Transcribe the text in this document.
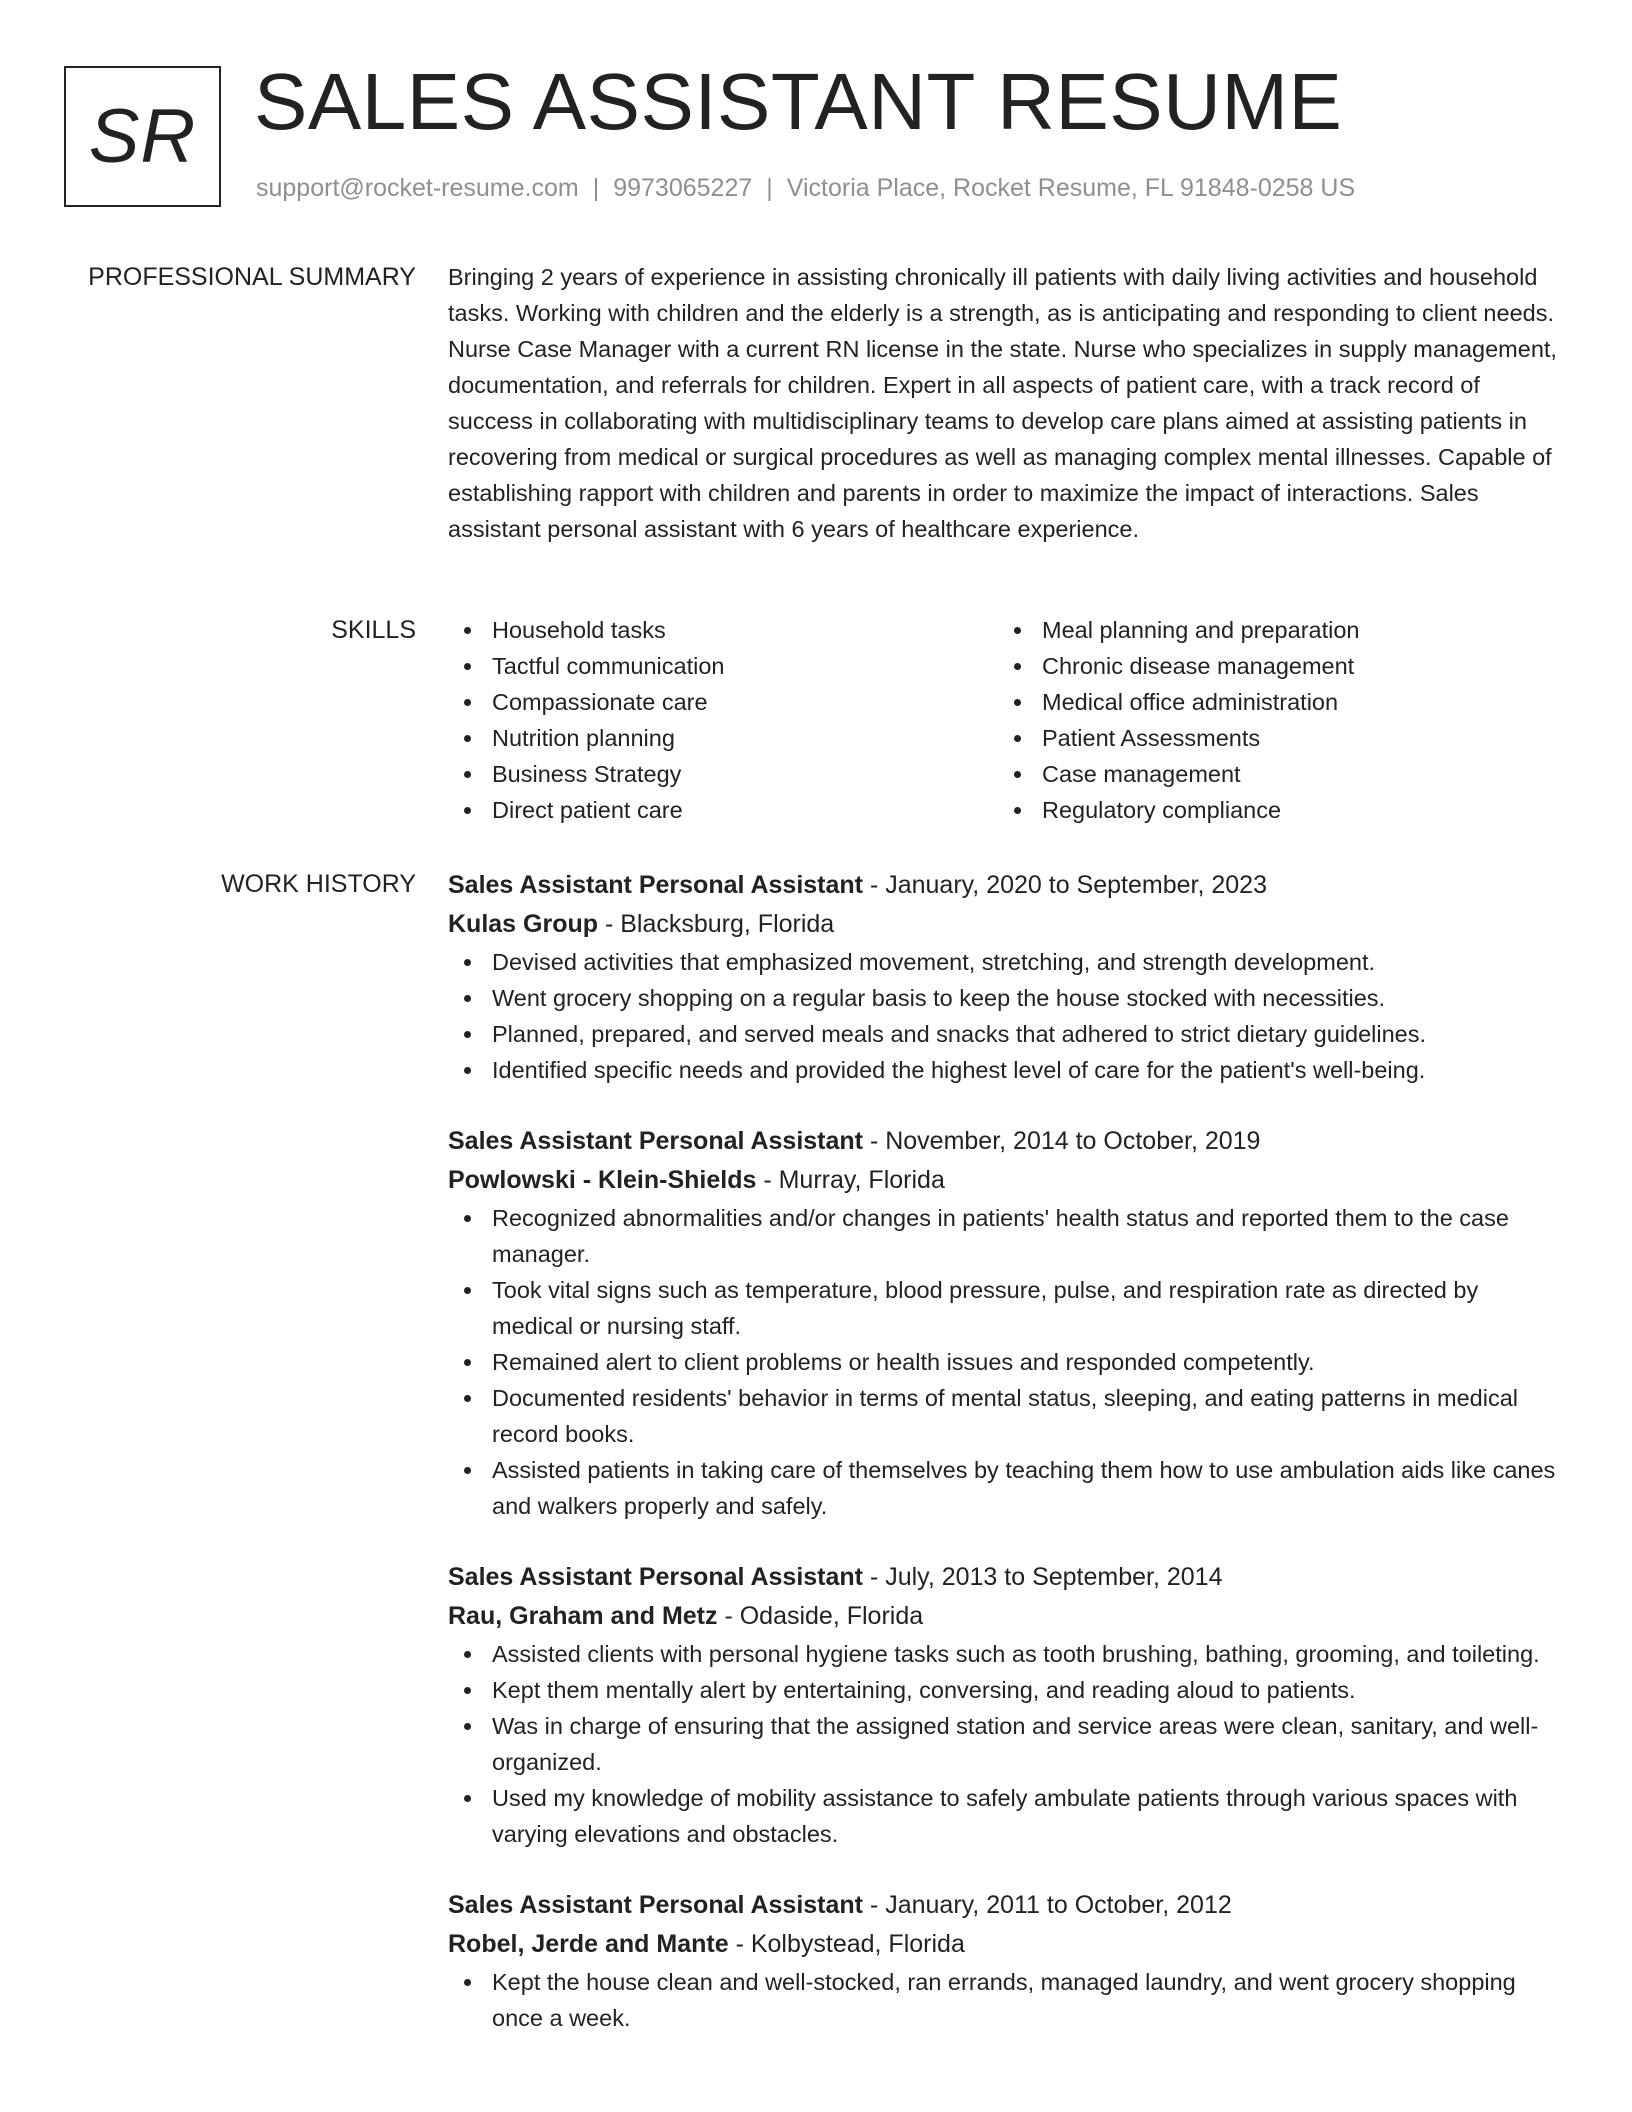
SR SALES ASSISTANT RESUME
support@rocket-resume.com | 9973065227 | Victoria Place, Rocket Resume, FL 91848-0258 US
PROFESSIONAL SUMMARY Bringing 2 years of experience in assisting chronically ill patients with daily living activities and household tasks. Working with children and the elderly is a strength, as is anticipating and responding to client needs. Nurse Case Manager with a current RN license in the state. Nurse who specializes in supply management, documentation, and referrals for children. Expert in all aspects of patient care, with a track record of success in collaborating with multidisciplinary teams to develop care plans aimed at assisting patients in recovering from medical or surgical procedures as well as managing complex mental illnesses. Capable of establishing rapport with children and parents in order to maximize the impact of interactions. Sales assistant personal assistant with 6 years of healthcare experience.

SKILLS	Household tasks
Tactful communication
Compassionate care
Nutrition planning
Business Strategy
Direct patient care
Meal planning and preparation
Chronic disease management
Medical office administration
Patient Assessments
Case management
Regulatory compliance
WORK HISTORY Sales Assistant Personal Assistant - January, 2020 to September, 2023
Kulas Group - Blacksburg, Florida
Devised activities that emphasized movement, stretching, and strength development.
Went grocery shopping on a regular basis to keep the house stocked with necessities.
Planned, prepared, and served meals and snacks that adhered to strict dietary guidelines.
Identified specific needs and provided the highest level of care for the patient's well-being.
Sales Assistant Personal Assistant - November, 2014 to October, 2019
Powlowski - Klein-Shields - Murray, Florida
Recognized abnormalities and/or changes in patients' health status and reported them to the case manager.
Took vital signs such as temperature, blood pressure, pulse, and respiration rate as directed by medical or nursing staff.
Remained alert to client problems or health issues and responded competently.
Documented residents' behavior in terms of mental status, sleeping, and eating patterns in medical record books.
Assisted patients in taking care of themselves by teaching them how to use ambulation aids like canes and walkers properly and safely.
Sales Assistant Personal Assistant - July, 2013 to September, 2014
Rau, Graham and Metz - Odaside, Florida
Assisted clients with personal hygiene tasks such as tooth brushing, bathing, grooming, and toileting.
Kept them mentally alert by entertaining, conversing, and reading aloud to patients.
Was in charge of ensuring that the assigned station and service areas were clean, sanitary, and well-organized.
Used my knowledge of mobility assistance to safely ambulate patients through various spaces with varying elevations and obstacles.
Sales Assistant Personal Assistant - January, 2011 to October, 2012
Robel, Jerde and Mante - Kolbystead, Florida
Kept the house clean and well-stocked, ran errands, managed laundry, and went grocery shopping once a week.
